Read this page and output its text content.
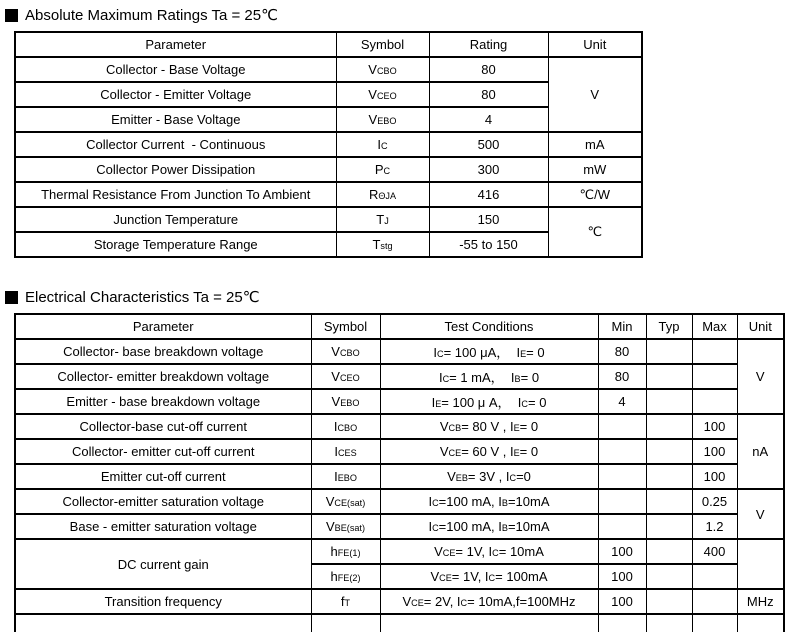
Absolute Maximum Ratings Ta = 25℃
Parameter	Symbol	Rating	Unit
Collector - Base Voltage	VCBO	80	V
Collector - Emitter Voltage	VCEO	80	
Emitter - Base Voltage	VEBO	4	
Collector Current  - Continuous	IC	500	mA
Collector Power Dissipation	PC	300	mW
Thermal Resistance From Junction To Ambient	RΘJA	416	℃/W
Junction Temperature	TJ	150	℃
Storage Temperature Range	Tstg	-55 to 150	
Electrical Characteristics Ta = 25℃
Parameter	Symbol	Test Conditions	Min	Typ	Max	Unit
Collector- base breakdown voltage	VCBO	IC= 100 μA，  IE= 0	80			V
Collector- emitter breakdown voltage	VCEO	IC= 1 mA，  IB= 0	80			
Emitter - base breakdown voltage	VEBO	IE= 100 μ A，  IC= 0	4			
Collector-base cut-off current	ICBO	VCB= 80 V , IE= 0			100	nA
Collector- emitter cut-off current	ICES	VCE= 60 V , IE= 0			100	
Emitter cut-off current	IEBO	VEB= 3V , IC=0			100	
Collector-emitter saturation voltage	VCE(sat)	IC=100 mA, IB=10mA			0.25	V
Base - emitter saturation voltage	VBE(sat)	IC=100 mA, IB=10mA			1.2	
DC current gain	hFE(1)	VCE= 1V, IC= 10mA	100		400	
	hFE(2)	VCE= 1V, IC= 100mA	100			
Transition frequency	fT	VCE= 2V, IC= 10mA,f=100MHz	100			MHz
